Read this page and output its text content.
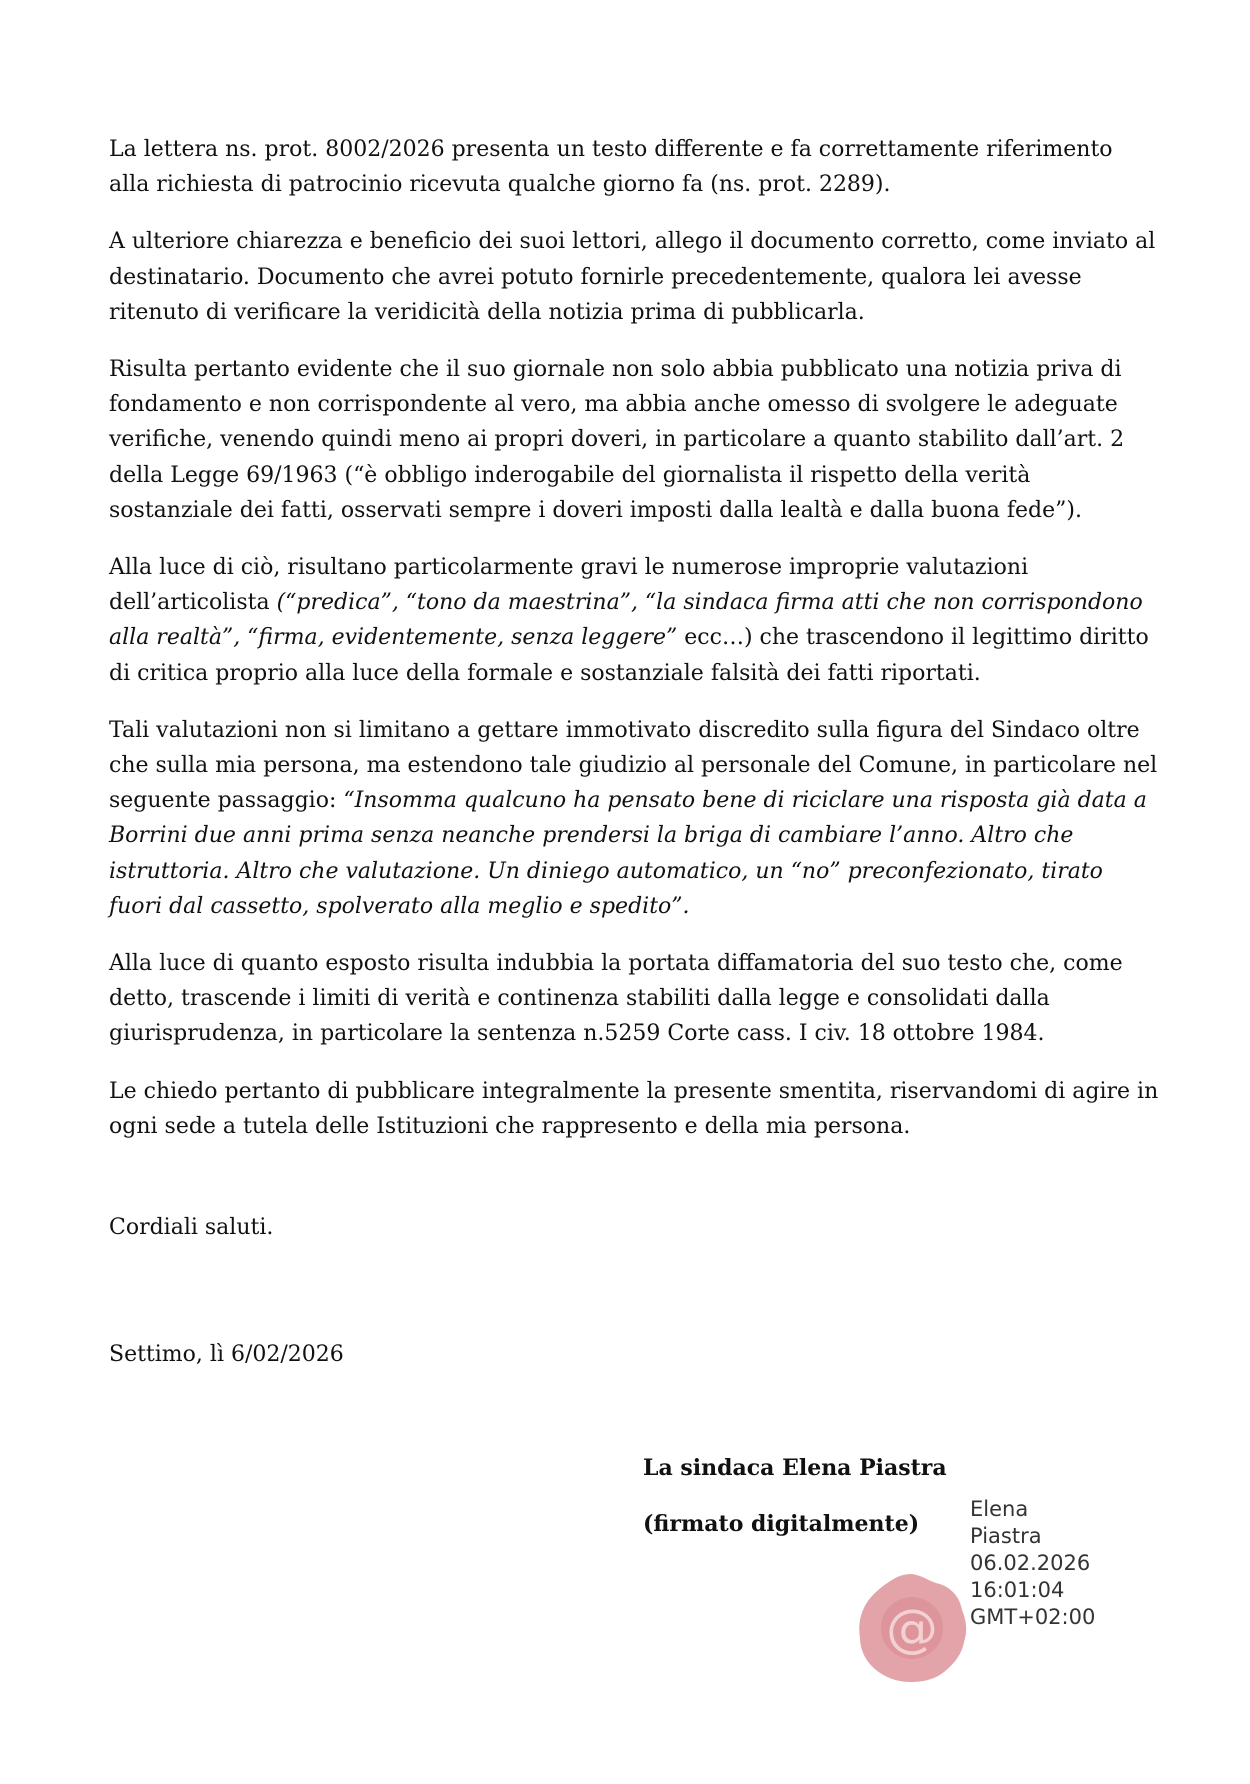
La lettera ns. prot. 8002/2026 presenta un testo differente e fa correttamente riferimento alla richiesta di patrocinio ricevuta qualche giorno fa (ns. prot. 2289).

A ulteriore chiarezza e beneficio dei suoi lettori, allego il documento corretto, come inviato al destinatario. Documento che avrei potuto fornirle precedentemente, qualora lei avesse ritenuto di verificare la veridicità della notizia prima di pubblicarla.

Risulta pertanto evidente che il suo giornale non solo abbia pubblicato una notizia priva di fondamento e non corrispondente al vero, ma abbia anche omesso di svolgere le adeguate verifiche, venendo quindi meno ai propri doveri, in particolare a quanto stabilito dall’art. 2 della Legge 69/1963 (“è obbligo inderogabile del giornalista il rispetto della verità sostanziale dei fatti, osservati sempre i doveri imposti dalla lealtà e dalla buona fede”).

Alla luce di ciò, risultano particolarmente gravi le numerose improprie valutazioni dell’articolista (“predica”, “tono da maestrina”, “la sindaca firma atti che non corrispondono alla realtà”, “firma, evidentemente, senza leggere” ecc…) che trascendono il legittimo diritto di critica proprio alla luce della formale e sostanziale falsità dei fatti riportati.

Tali valutazioni non si limitano a gettare immotivato discredito sulla figura del Sindaco oltre che sulla mia persona, ma estendono tale giudizio al personale del Comune, in particolare nel seguente passaggio: “Insomma qualcuno ha pensato bene di riciclare una risposta già data a Borrini due anni prima senza neanche prendersi la briga di cambiare l’anno. Altro che istruttoria. Altro che valutazione. Un diniego automatico, un “no” preconfezionato, tirato fuori dal cassetto, spolverato alla meglio e spedito”.

Alla luce di quanto esposto risulta indubbia la portata diffamatoria del suo testo che, come detto, trascende i limiti di verità e continenza stabiliti dalla legge e consolidati dalla giurisprudenza, in particolare la sentenza n.5259 Corte cass. I civ. 18 ottobre 1984.

Le chiedo pertanto di pubblicare integralmente la presente smentita, riservandomi di agire in ogni sede a tutela delle Istituzioni che rappresento e della mia persona.

Cordiali saluti.

Settimo, lì 6/02/2026

La sindaca Elena Piastra

(firmato digitalmente)

@
Elena
Piastra
06.02.2026
16:01:04
GMT+02:00
